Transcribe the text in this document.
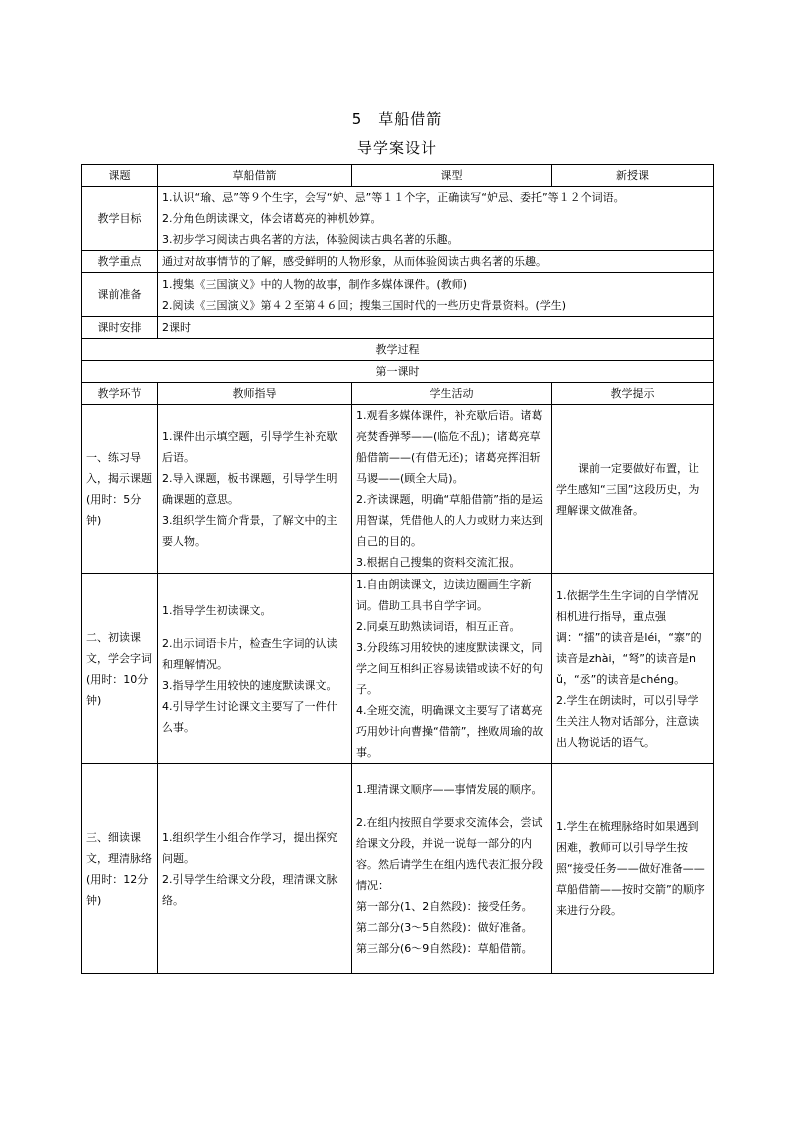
5　草船借箭
导学案设计
课题	草船借箭	课型	新授课
教学目标	1.认识“瑜、忌”等９个生字，会写“妒、忌”等１１个字，正确读写“妒忌、委托”等１２个词语。
2.分角色朗读课文，体会诸葛亮的神机妙算。
3.初步学习阅读古典名著的方法，体验阅读古典名著的乐趣。		

教学重点	通过对故事情节的了解，感受鲜明的人物形象，从而体验阅读古典名著的乐趣。		
课前准备	1.搜集《三国演义》中的人物的故事，制作多媒体课件。(教师)
2.阅读《三国演义》第４２至第４６回；搜集三国时代的一些历史背景资料。(学生)		

课时安排	2课时		
教学过程			
第一课时			
教学环节	教师指导	学生活动	教学提示
一、练习导入，揭示课题(用时：5分钟)	1.课件出示填空题，引导学生补充歇后语。
2.导入课题，板书课题，引导学生明确课题的意思。
3.组织学生简介背景，了解文中的主要人物。	1.观看多媒体课件，补充歇后语。诸葛亮焚香弹琴——(临危不乱)；诸葛亮草船借箭——(有借无还)；诸葛亮挥泪斩马谡——(顾全大局)。
2.齐读课题，明确“草船借箭”指的是运用智谋，凭借他人的人力或财力来达到自己的目的。
3.根据自己搜集的资料交流汇报。	课前一定要做好布置，让学生感知“三国”这段历史，为理解课文做准备。

二、初读课文，学会字词(用时：10分钟)	1.指导学生初读课文。
2.出示词语卡片，检查生字词的认读和理解情况。
3.指导学生用较快的速度默读课文。
4.引导学生讨论课文主要写了一件什么事。	1.自由朗读课文，边读边圈画生字新词。借助工具书自学字词。
2.同桌互助熟读词语，相互正音。
3.分段练习用较快的速度默读课文，同学之间互相纠正容易读错或读不好的句子。
4.全班交流，明确课文主要写了诸葛亮巧用妙计向曹操“借箭”，挫败周瑜的故事。	1.依据学生生字词的自学情况相机进行指导，重点强调：“擂”的读音是léi，“寨”的读音是zhài，“弩”的读音是nǔ，“丞”的读音是chéng。
2.学生在朗读时，可以引导学生关注人物对话部分，注意读出人物说话的语气。

三、细读课文，理清脉络(用时：12分钟)	1.组织学生小组合作学习，提出探究问题。
2.引导学生给课文分段，理清课文脉络。	1.理清课文顺序——事情发展的顺序。
2.在组内按照自学要求交流体会，尝试给课文分段，并说一说每一部分的内容。然后请学生在组内选代表汇报分段情况：
第一部分(1、2自然段)：接受任务。
第二部分(3～5自然段)：做好准备。
第三部分(6～9自然段)：草船借箭。	1.学生在梳理脉络时如果遇到困难，教师可以引导学生按照“接受任务——做好准备——草船借箭——按时交箭”的顺序来进行分段。
